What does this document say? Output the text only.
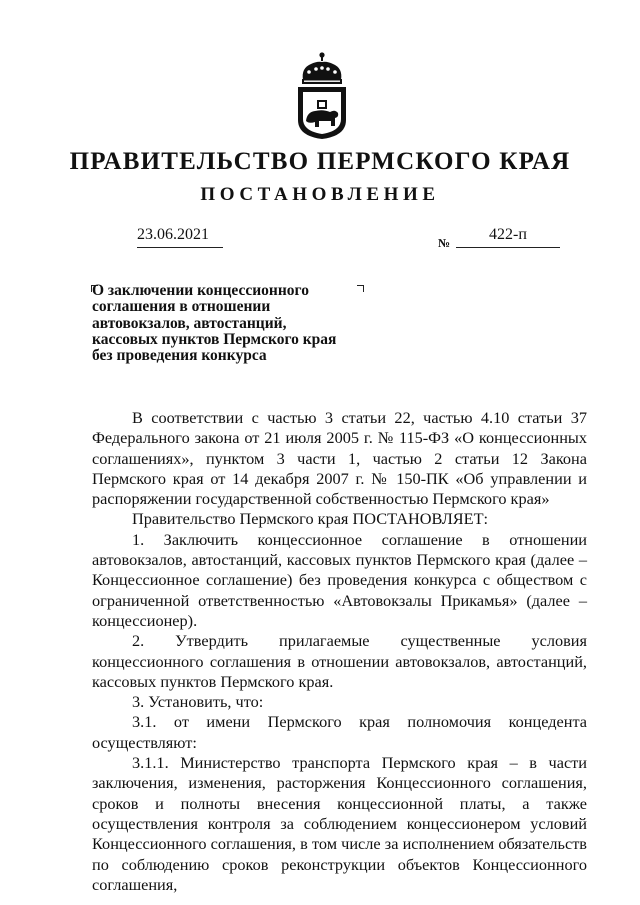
ПРАВИТЕЛЬСТВО ПЕРМСКОГО КРАЯ
ПОСТАНОВЛЕНИЕ
23.06.2021	№	422-п
О заключении концессионного
соглашения в отношении
автовокзалов, автостанций,
кассовых пунктов Пермского края
без проведения конкурса

В соответствии с частью 3 статьи 22, частью 4.10 статьи 37 Федерального закона от 21 июля 2005 г. № 115-ФЗ «О концессионных соглашениях», пунктом 3 части 1, частью 2 статьи 12 Закона Пермского края от 14 декабря 2007 г. № 150-ПК «Об управлении и распоряжении государственной собственностью Пермского края»

Правительство Пермского края ПОСТАНОВЛЯЕТ:

1. Заключить концессионное соглашение в отношении автовокзалов, автостанций, кассовых пунктов Пермского края (далее – Концессионное соглашение) без проведения конкурса с обществом с ограниченной ответственностью «Автовокзалы Прикамья» (далее – концессионер).

2. Утвердить прилагаемые существенные условия концессионного соглашения в отношении автовокзалов, автостанций, кассовых пунктов Пермского края.

3. Установить, что:

3.1. от имени Пермского края полномочия концедента осуществляют:

3.1.1. Министерство транспорта Пермского края – в части заключения, изменения, расторжения Концессионного соглашения, сроков и полноты внесения концессионной платы, а также осуществления контроля за соблюдением концессионером условий Концессионного соглашения, в том числе за исполнением обязательств по соблюдению сроков реконструкции объектов Концессионного соглашения,
